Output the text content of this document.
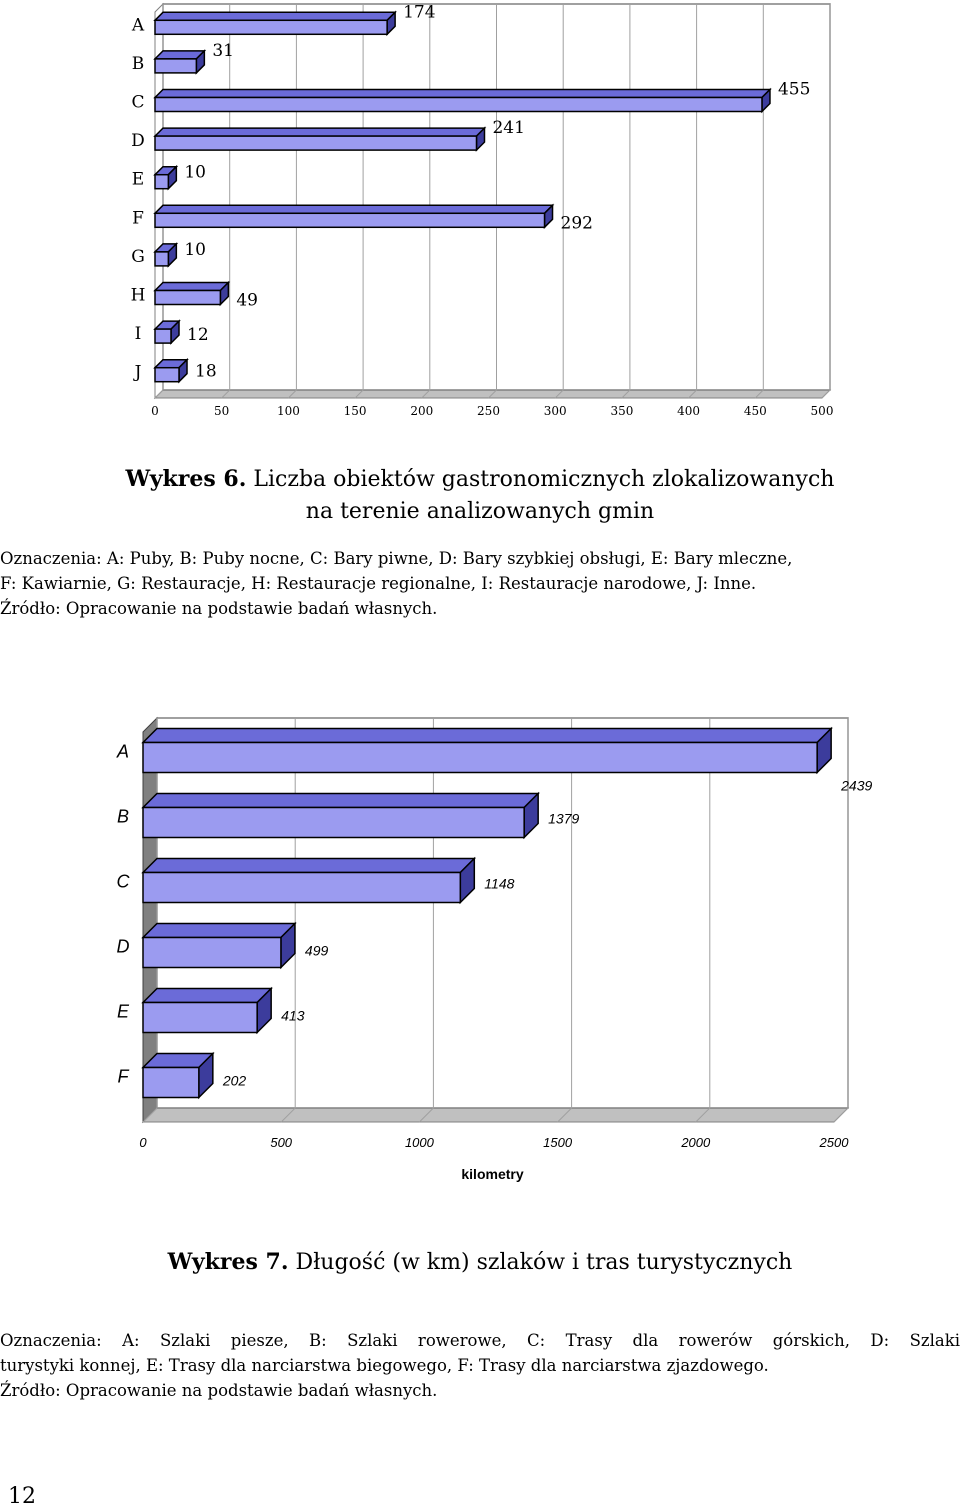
0	50	100	150	200	250	300	350	400	450	500
A
174
B
31
C
455
D
241
E 10
F	292
G 10
H	49
I	12
J	18
Wykres 6. Liczba obiektów gastronomicznych zlokalizowanych
na terenie analizowanych gmin
Oznaczenia: A: Puby, B: Puby nocne, C: Bary piwne, D: Bary szybkiej obsługi, E: Bary mleczne,
F: Kawiarnie, G: Restauracje, H: Restauracje regionalne, I: Restauracje narodowe, J: Inne.
Źródło: Opracowanie na podstawie badań własnych.
0	500	1000	1500	2000	2500
A
2439
B	1379
C	1148
D	499
E	413
F	202
kilometry
Wykres 7. Długość (w km) szlaków i tras turystycznych
Oznaczenia: A: Szlaki piesze, B: Szlaki rowerowe, C: Trasy dla rowerów górskich, D: Szlaki
turystyki konnej, E: Trasy dla narciarstwa biegowego, F: Trasy dla narciarstwa zjazdowego.
Źródło: Opracowanie na podstawie badań własnych.
12
